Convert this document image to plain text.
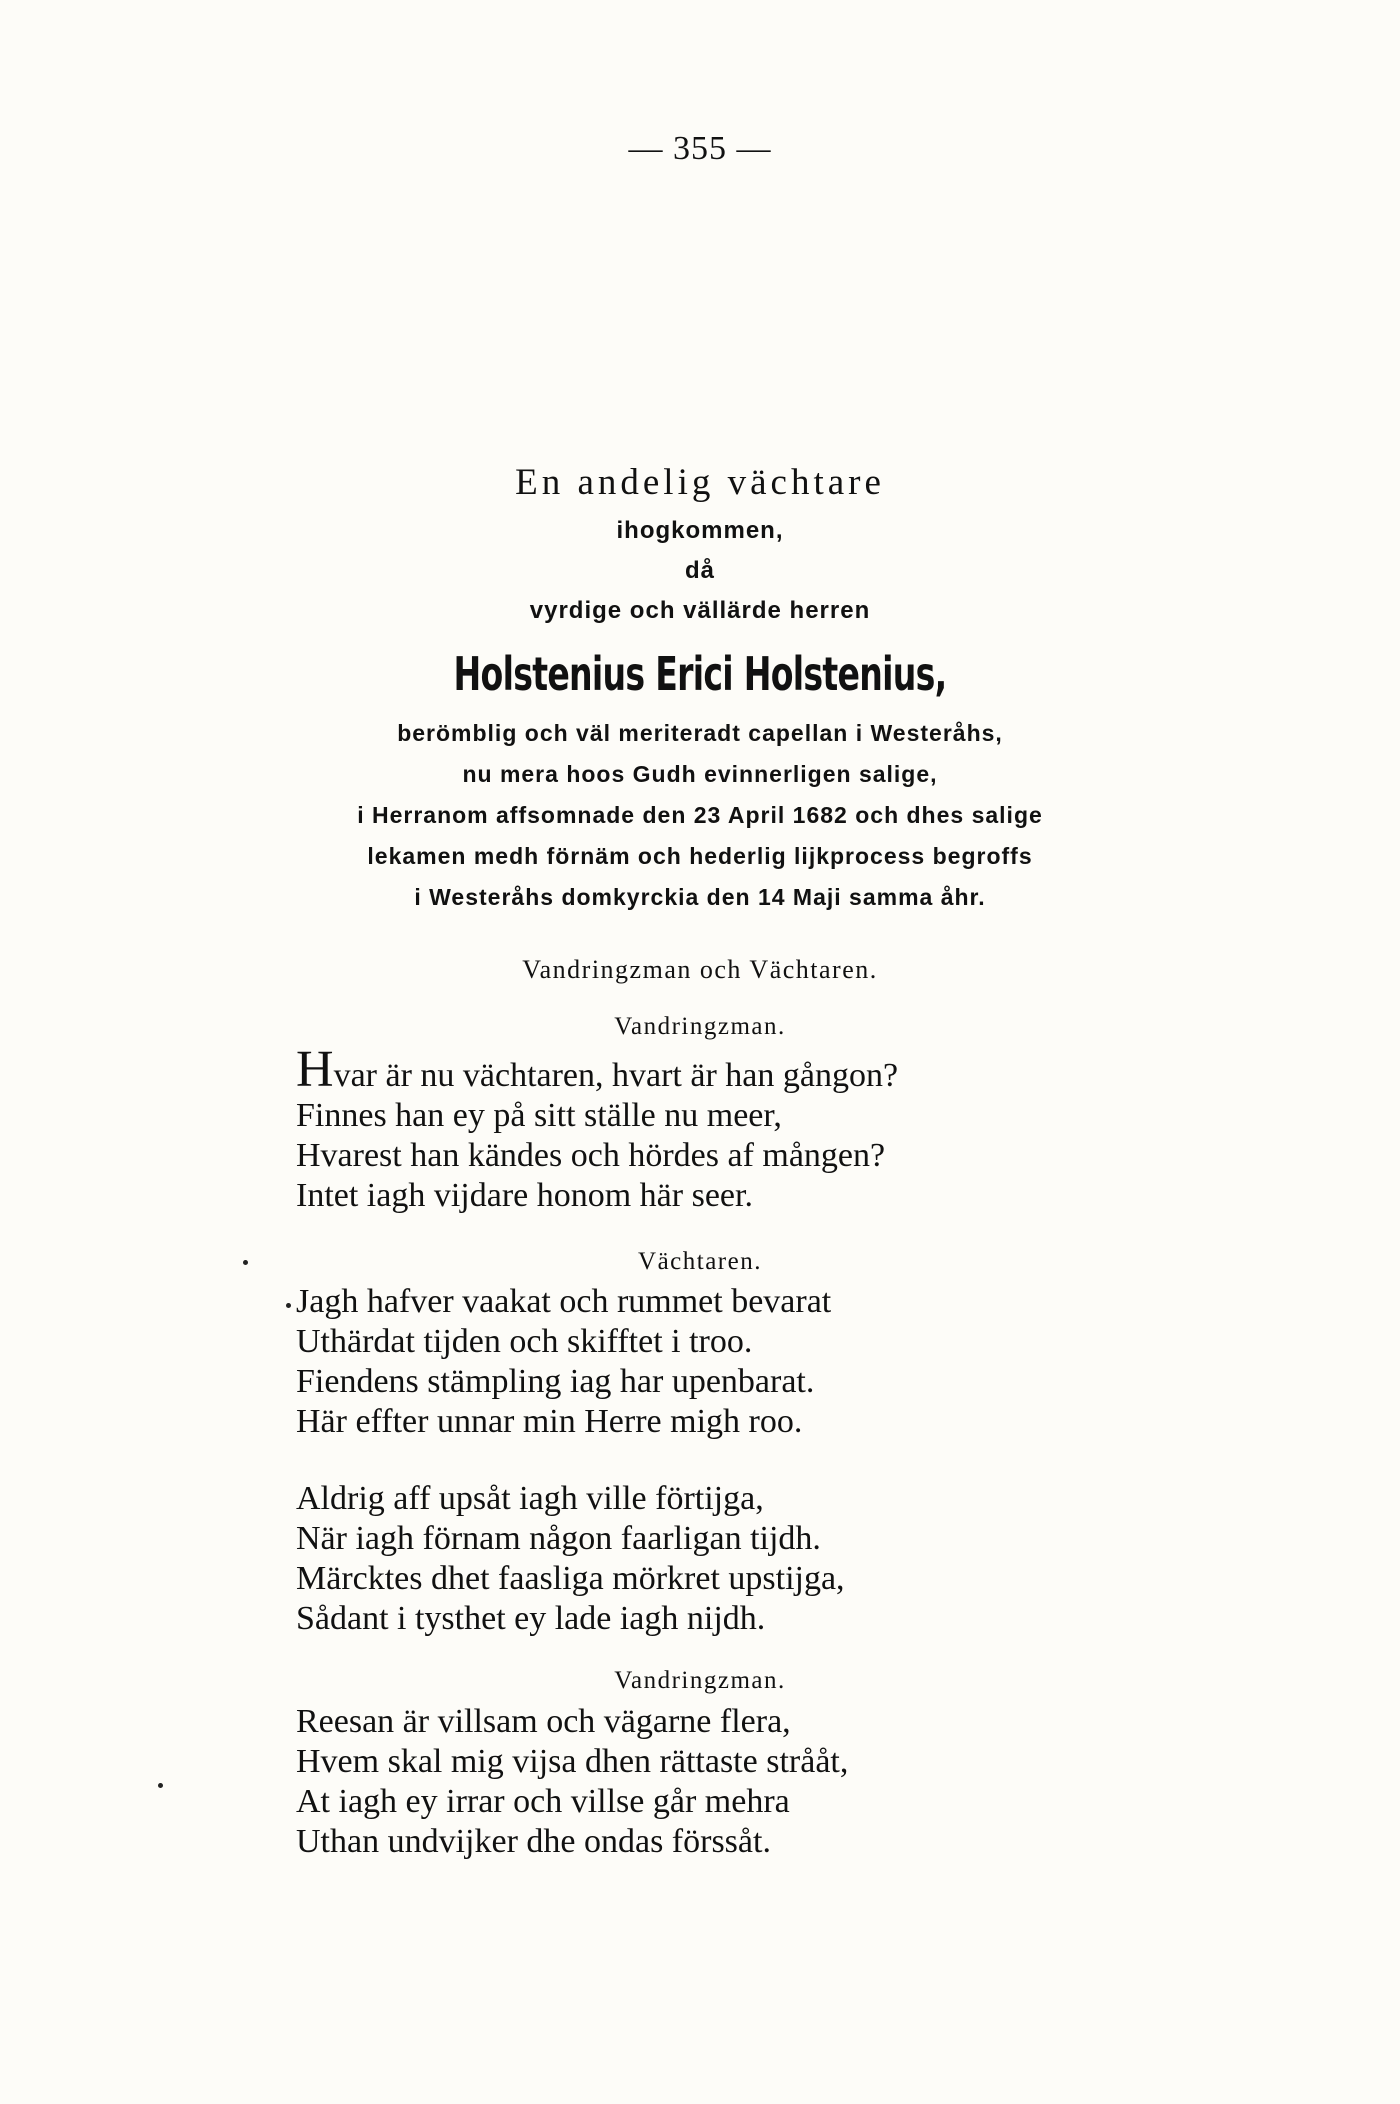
— 355 —

En andelig vächtare

ihogkommen,

då

vyrdige och vällärde herren

Holstenius Erici Holstenius,

berömblig och väl meriteradt capellan i Westeråhs,

nu mera hoos Gudh evinnerligen salige,

i Herranom affsomnade den 23 April 1682 och dhes salige

lekamen medh förnäm och hederlig lijkprocess begroffs

i Westeråhs domkyrckia den 14 Maji samma åhr.

Vandringzman och Vächtaren.
Vandringzman.

Hvar är nu vächtaren, hvart är han gångon?

Finnes han ey på sitt ställe nu meer,

Hvarest han kändes och hördes af mången?

Intet iagh vijdare honom här seer.

Vächtaren.

Jagh hafver vaakat och rummet bevarat

Uthärdat tijden och skifftet i troo.

Fiendens stämpling iag har upenbarat.

Här effter unnar min Herre migh roo.

Aldrig aff upsåt iagh ville förtijga,

När iagh förnam någon faarligan tijdh.

Märcktes dhet faasliga mörkret upstijga,

Sådant i tysthet ey lade iagh nijdh.

Vandringzman.

Reesan är villsam och vägarne flera,

Hvem skal mig vijsa dhen rättaste strååt,

At iagh ey irrar och villse går mehra

Uthan undvijker dhe ondas förssåt.
